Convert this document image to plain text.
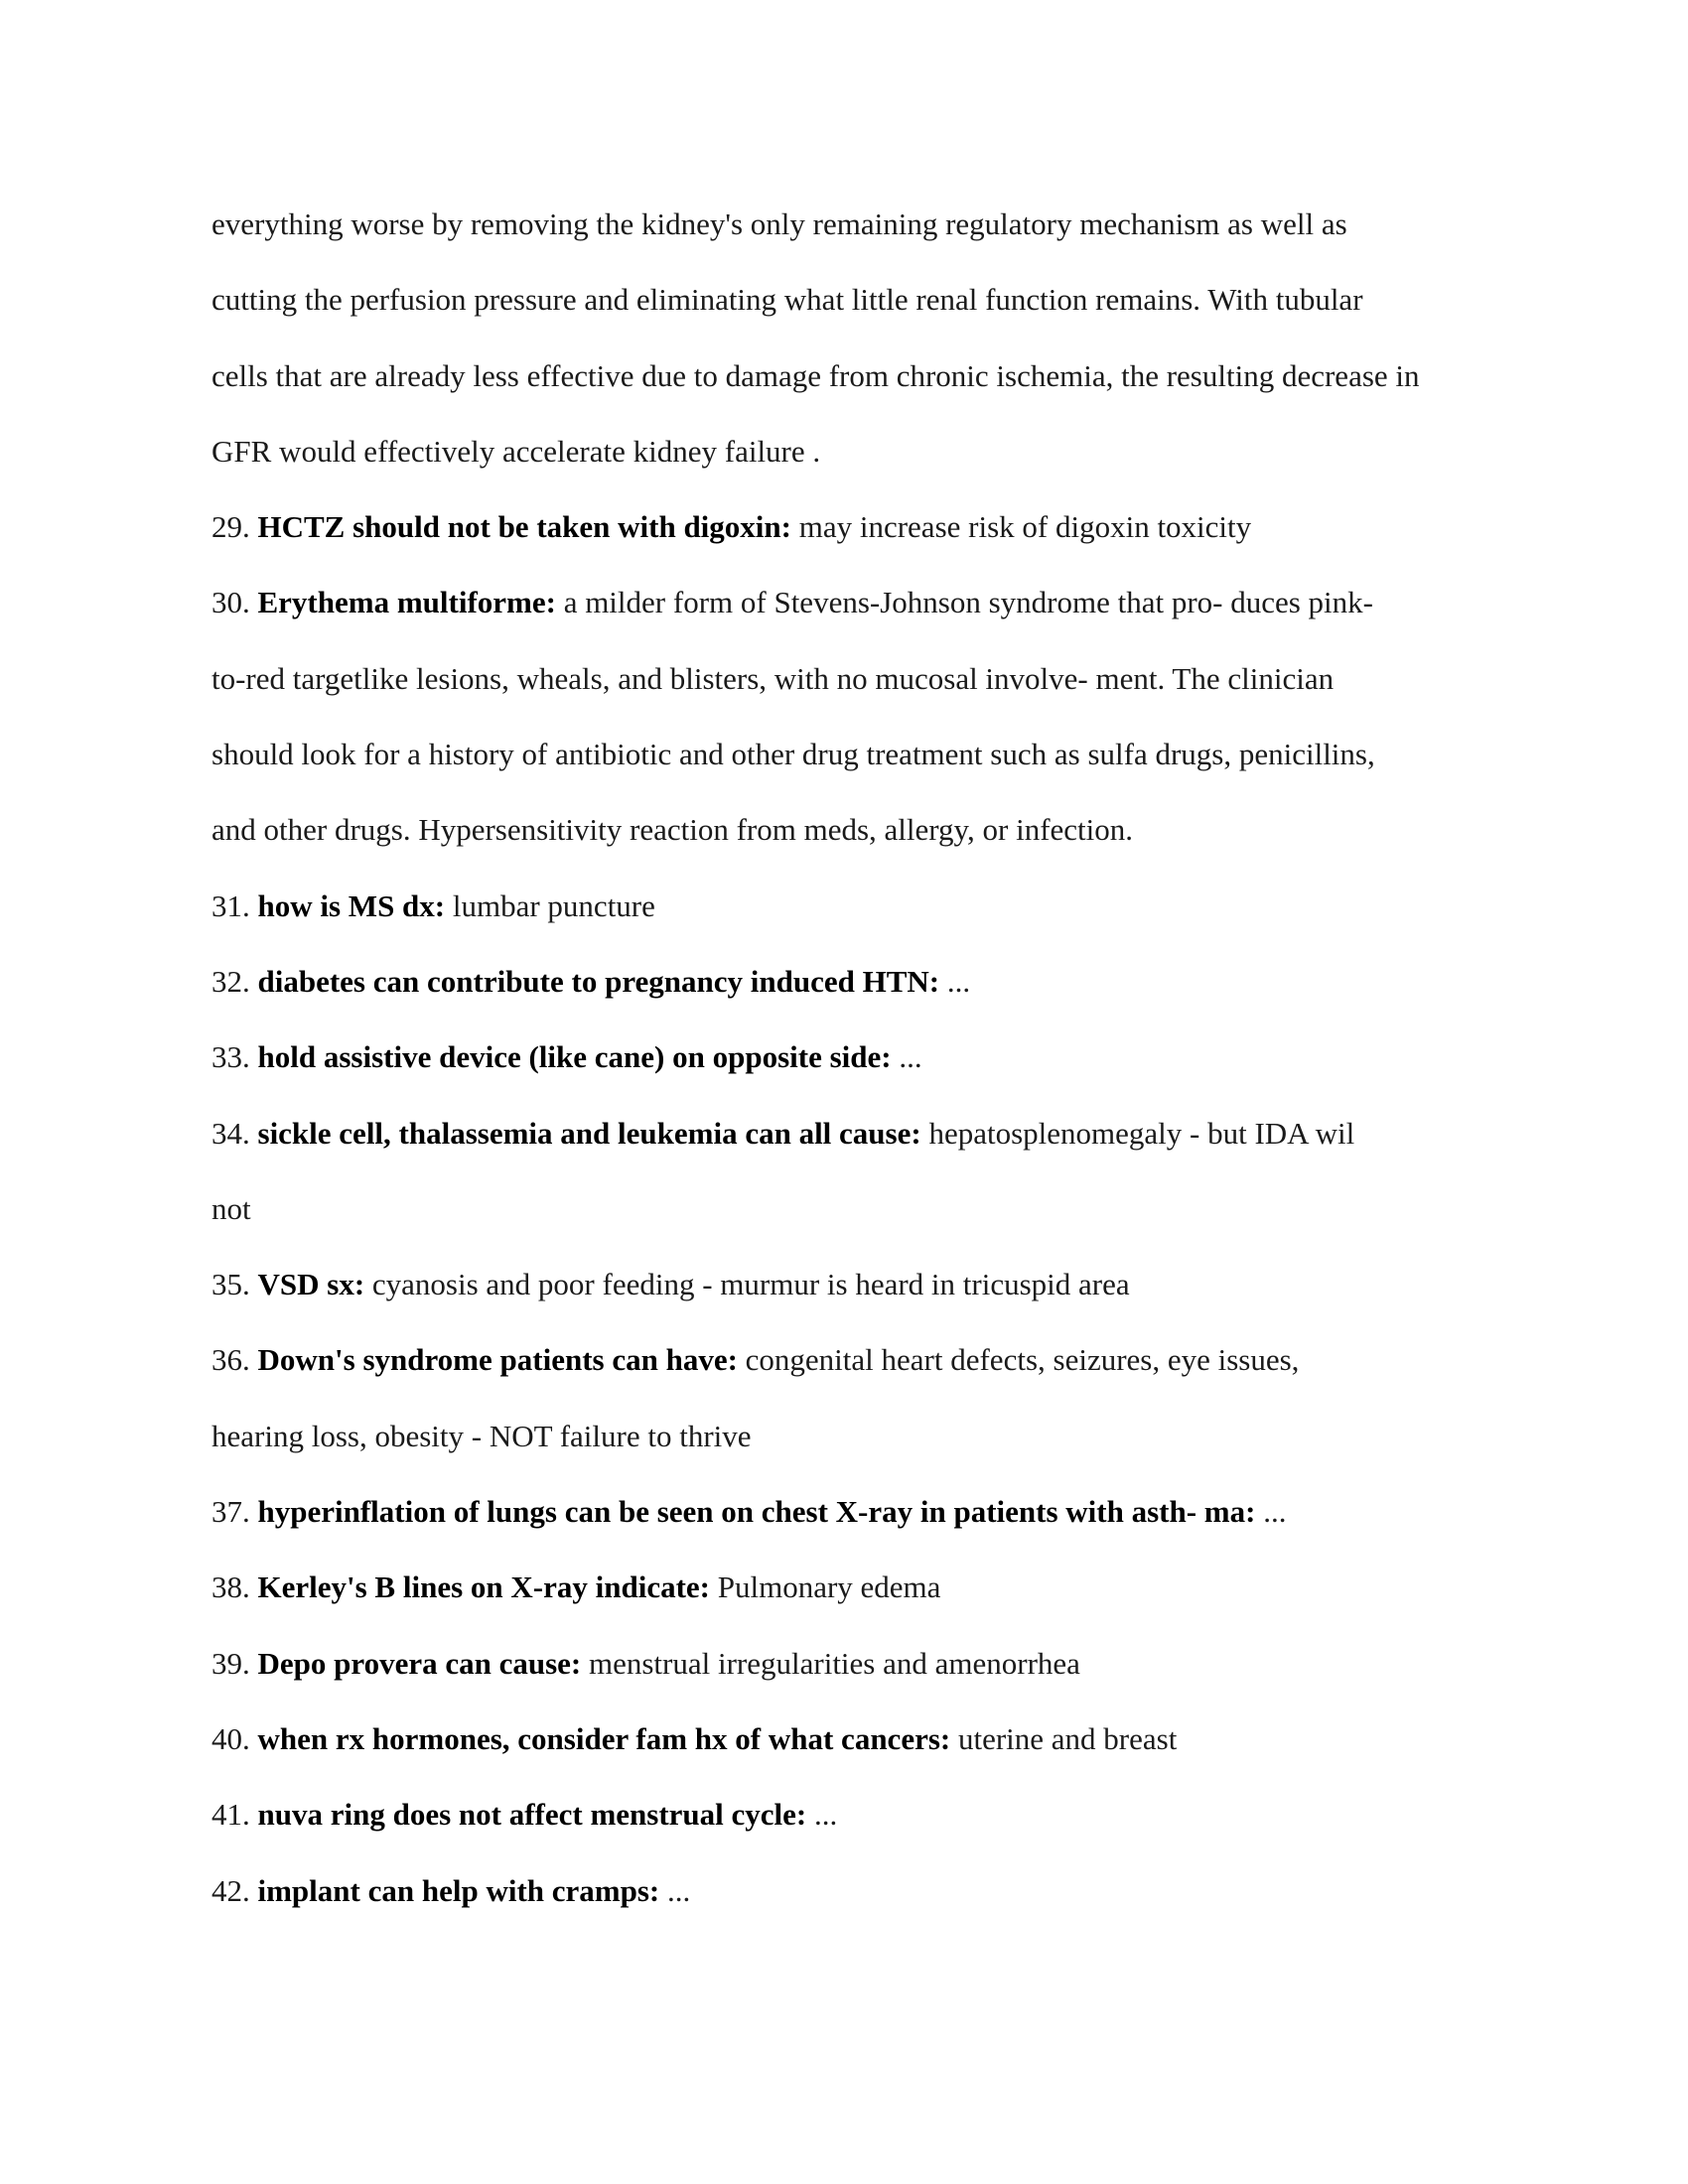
everything worse by removing the kidney's only remaining regulatory mechanism as well as
cutting the perfusion pressure and eliminating what little renal function remains. With tubular
cells that are already less effective due to damage from chronic ischemia, the resulting decrease in
GFR would effectively accelerate kidney failure .
29. HCTZ should not be taken with digoxin: may increase risk of digoxin toxicity
30. Erythema multiforme: a milder form of Stevens-Johnson syndrome that pro- duces pink-
to-red targetlike lesions, wheals, and blisters, with no mucosal involve- ment. The clinician
should look for a history of antibiotic and other drug treatment such as sulfa drugs, penicillins,
and other drugs. Hypersensitivity reaction from meds, allergy, or infection.
31. how is MS dx: lumbar puncture
32. diabetes can contribute to pregnancy induced HTN: ...
33. hold assistive device (like cane) on opposite side: ...
34. sickle cell, thalassemia and leukemia can all cause: hepatosplenomegaly - but IDA wil
not
35. VSD sx: cyanosis and poor feeding - murmur is heard in tricuspid area
36. Down's syndrome patients can have: congenital heart defects, seizures, eye issues,
hearing loss, obesity - NOT failure to thrive
37. hyperinflation of lungs can be seen on chest X-ray in patients with asth- ma: ...
38. Kerley's B lines on X-ray indicate: Pulmonary edema
39. Depo provera can cause: menstrual irregularities and amenorrhea
40. when rx hormones, consider fam hx of what cancers: uterine and breast
41. nuva ring does not affect menstrual cycle: ...
42. implant can help with cramps: ...
